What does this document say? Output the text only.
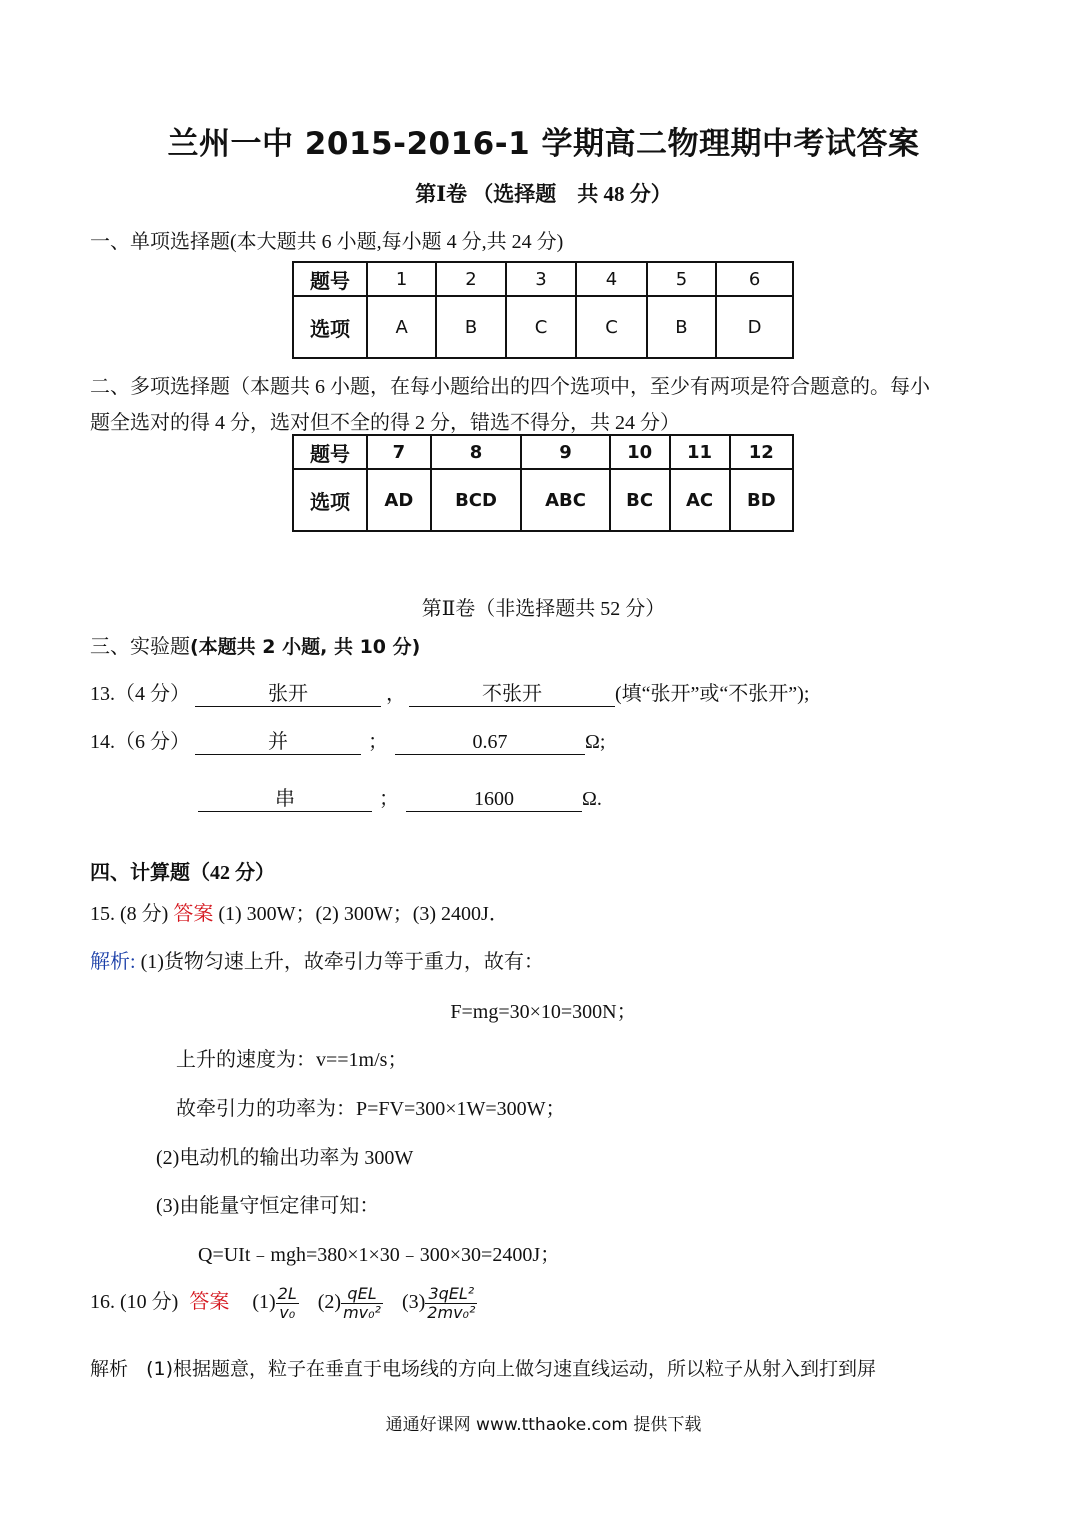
兰州一中 2015-2016-1 学期高二物理期中考试答案
第Ⅰ卷 （选择题　共 48 分）
一、单项选择题(本大题共 6 小题,每小题 4 分,共 24 分)
题号	1	2	3	4	5	6
选项	A	B	C	C	B	D
二、多项选择题（本题共 6 小题，在每小题给出的四个选项中，至少有两项是符合题意的。每小
题全选对的得 4 分，选对但不全的得 2 分，错选不得分，共 24 分）
题号	7	8	9	10	11	12
选项	AD	BCD	ABC	BC	AC	BD
第Ⅱ卷（非选择题共 52 分）
三、实验题(本题共 2 小题, 共 10 分)
13.（4 分）	张开	，	不张开	(填“张开”或“不张开”);
14.（6 分）	并	；	0.67	Ω;
串	；	1600	Ω.
四、计算题（42 分）
15. (8 分) 答案 (1) 300W；(2) 300W；(3) 2400J．
解析: (1)货物匀速上升，故牵引力等于重力，故有：
F=mg=30×10=300N；
上升的速度为：v==1m/s；
故牵引力的功率为：P=FV=300×1W=300W；
(2)电动机的输出功率为 300W
(3)由能量守恒定律可知：
Q=UIt﹣mgh=380×1×30﹣300×30=2400J；
16. (10 分) 答案 $(1) \frac{2L}{\text{v₀}} (2) \frac{\text{qEL}}{\text{mv₀²}} (3) \frac{\text{3qEL²}}{\text{2mv₀²}}$
解析 (1)根据题意，粒子在垂直于电场线的方向上做匀速直线运动，所以粒子从射入到打到屏
通通好课网 www.tthaoke.com 提供下载
